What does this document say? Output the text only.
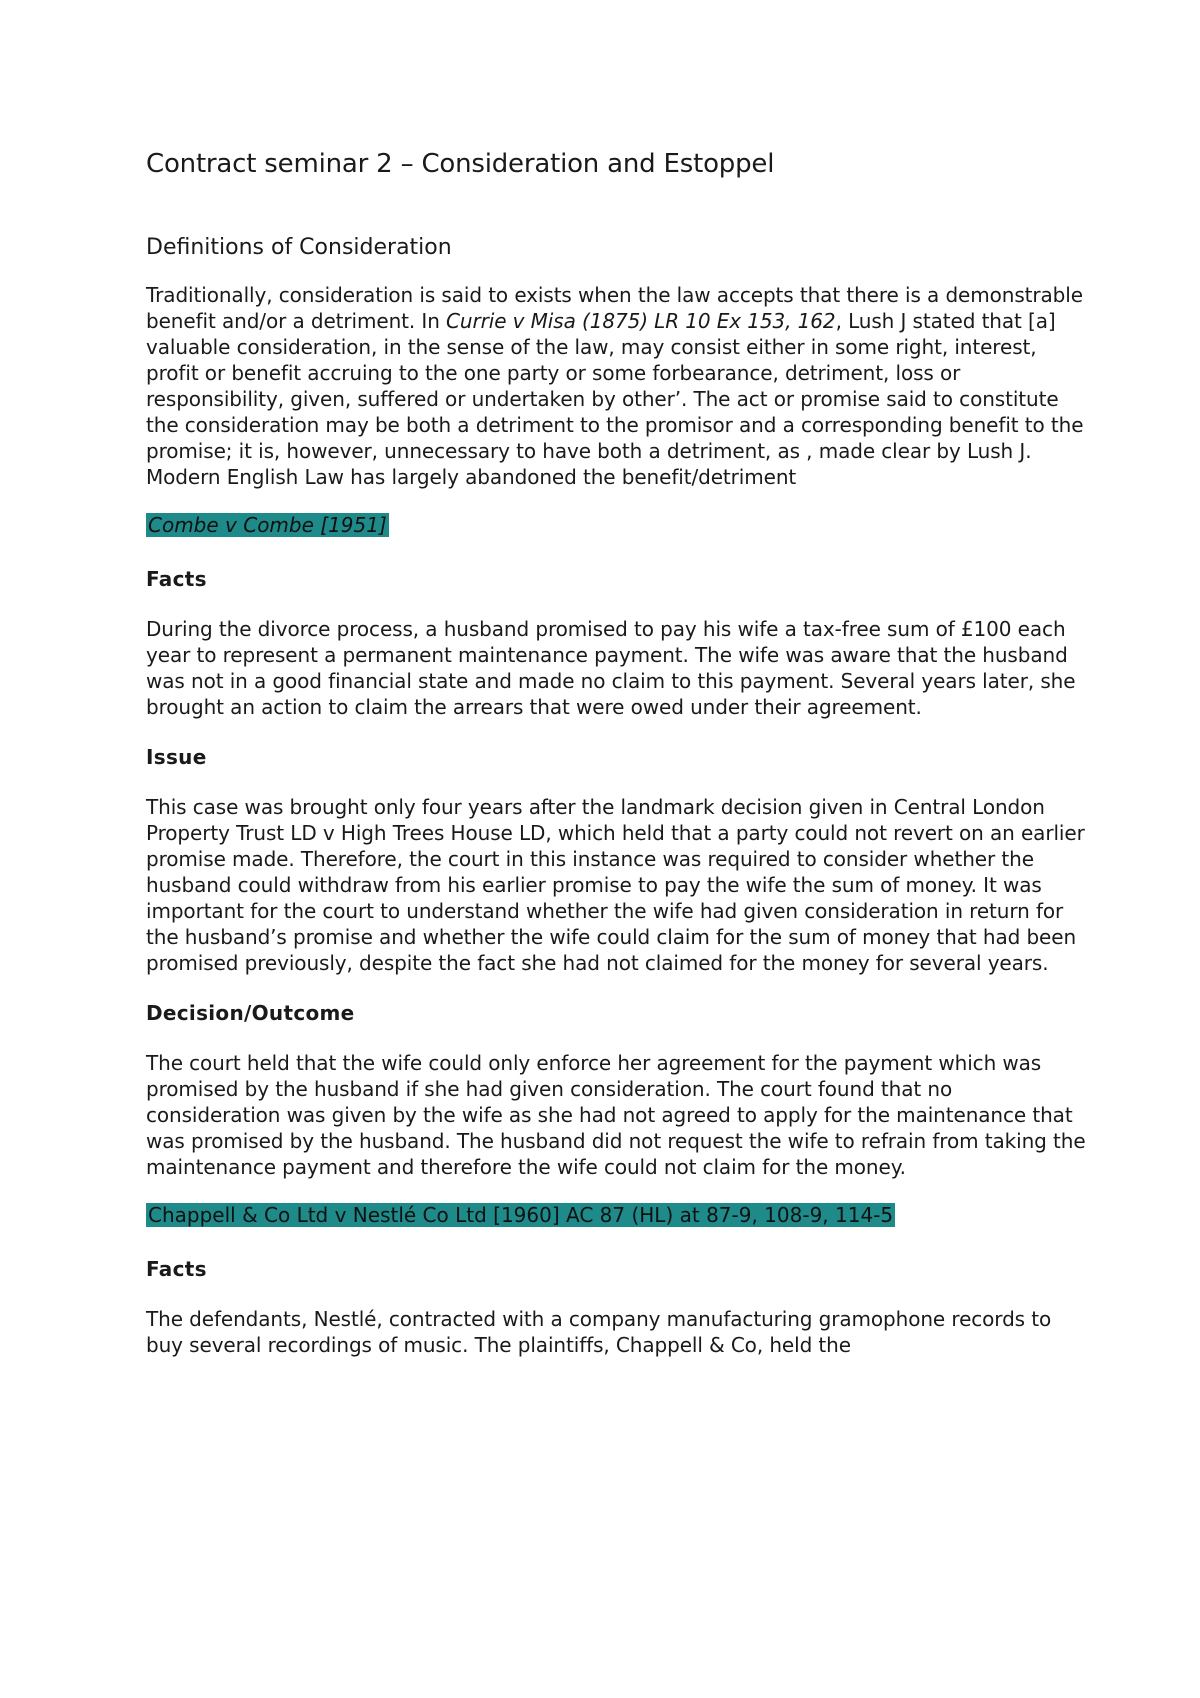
Contract seminar 2 – Consideration and Estoppel
Definitions of Consideration

Traditionally, consideration is said to exists when the law accepts that there is a demonstrable benefit and/or a detriment. In Currie v Misa (1875) LR 10 Ex 153, 162, Lush J stated that [a] valuable consideration, in the sense of the law, may consist either in some right, interest, profit or benefit accruing to the one party or some forbearance, detriment, loss or responsibility, given, suffered or undertaken by other’. The act or promise said to constitute the consideration may be both a detriment to the promisor and a corresponding benefit to the promise; it is, however, unnecessary to have both a detriment, as , made clear by Lush J. Modern English Law has largely abandoned the benefit/detriment

Combe v Combe [1951]
Facts

During the divorce process, a husband promised to pay his wife a tax-free sum of £100 each year to represent a permanent maintenance payment. The wife was aware that the husband was not in a good financial state and made no claim to this payment. Several years later, she brought an action to claim the arrears that were owed under their agreement.

Issue

This case was brought only four years after the landmark decision given in Central London Property Trust LD v High Trees House LD, which held that a party could not revert on an earlier promise made. Therefore, the court in this instance was required to consider whether the husband could withdraw from his earlier promise to pay the wife the sum of money. It was important for the court to understand whether the wife had given consideration in return for the husband’s promise and whether the wife could claim for the sum of money that had been promised previously, despite the fact she had not claimed for the money for several years.

Decision/Outcome

The court held that the wife could only enforce her agreement for the payment which was promised by the husband if she had given consideration. The court found that no consideration was given by the wife as she had not agreed to apply for the maintenance that was promised by the husband. The husband did not request the wife to refrain from taking the maintenance payment and therefore the wife could not claim for the money.

Chappell & Co Ltd v Nestlé Co Ltd [1960] AC 87 (HL) at 87-9, 108-9, 114-5
Facts

The defendants, Nestlé, contracted with a company manufacturing gramophone records to buy several recordings of music. The plaintiffs, Chappell & Co, held the
